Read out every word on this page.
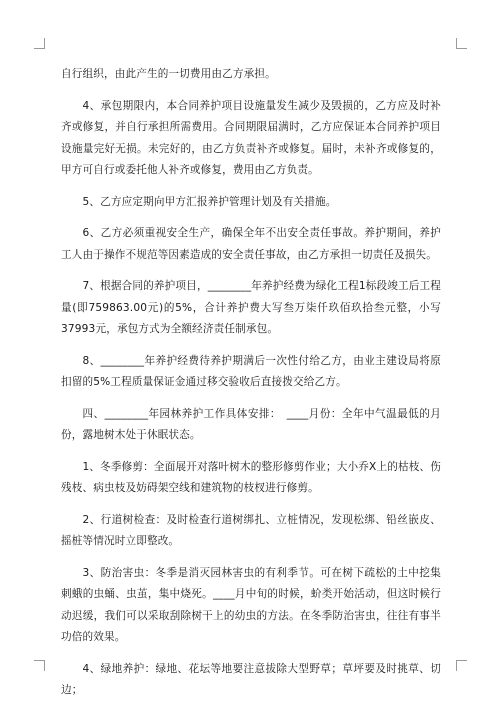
自行组织，由此产生的一切费用由乙方承担。

4、承包期限内，本合同养护项目设施量发生减少及毁损的，乙方应及时补齐或修复，并自行承担所需费用。合同期限届满时，乙方应保证本合同养护项目设施量完好无损。未完好的，由乙方负责补齐或修复。届时，未补齐或修复的，甲方可自行或委托他人补齐或修复，费用由乙方负责。

5、乙方应定期向甲方汇报养护管理计划及有关措施。

6、乙方必须重视安全生产，确保全年不出安全责任事故。养护期间，养护工人由于操作不规范等因素造成的安全责任事故，由乙方承担一切责任及损失。

7、根据合同的养护项目，________年养护经费为绿化工程1标段竣工后工程量(即759863.00元)的5%，合计养护费大写叁万柒仟玖佰玖拾叁元整，小写37993元，承包方式为全额经济责任制承包。

8、________年养护经费待养护期满后一次性付给乙方，由业主建设局将原扣留的5%工程质量保证金通过移交验收后直接拨交给乙方。

四、________年园林养护工作具体安排：　____月份：全年中气温最低的月份，露地树木处于休眠状态。

1、冬季修剪：全面展开对落叶树木的整形修剪作业；大小乔X上的枯枝、伤残枝、病虫枝及妨碍架空线和建筑物的枝杈进行修剪。

2、行道树检查：及时检查行道树绑扎、立桩情况，发现松绑、铅丝嵌皮、摇桩等情况时立即整改。

3、防治害虫：冬季是消灭园林害虫的有利季节。可在树下疏松的土中挖集刺蛾的虫蛹、虫茧，集中烧死。____月中旬的时候，蚧类开始活动，但这时候行动迟缓，我们可以采取刮除树干上的幼虫的方法。在冬季防治害虫，往往有事半功倍的效果。

4、绿地养护：绿地、花坛等地要注意拔除大型野草；草坪要及时挑草、切边；
